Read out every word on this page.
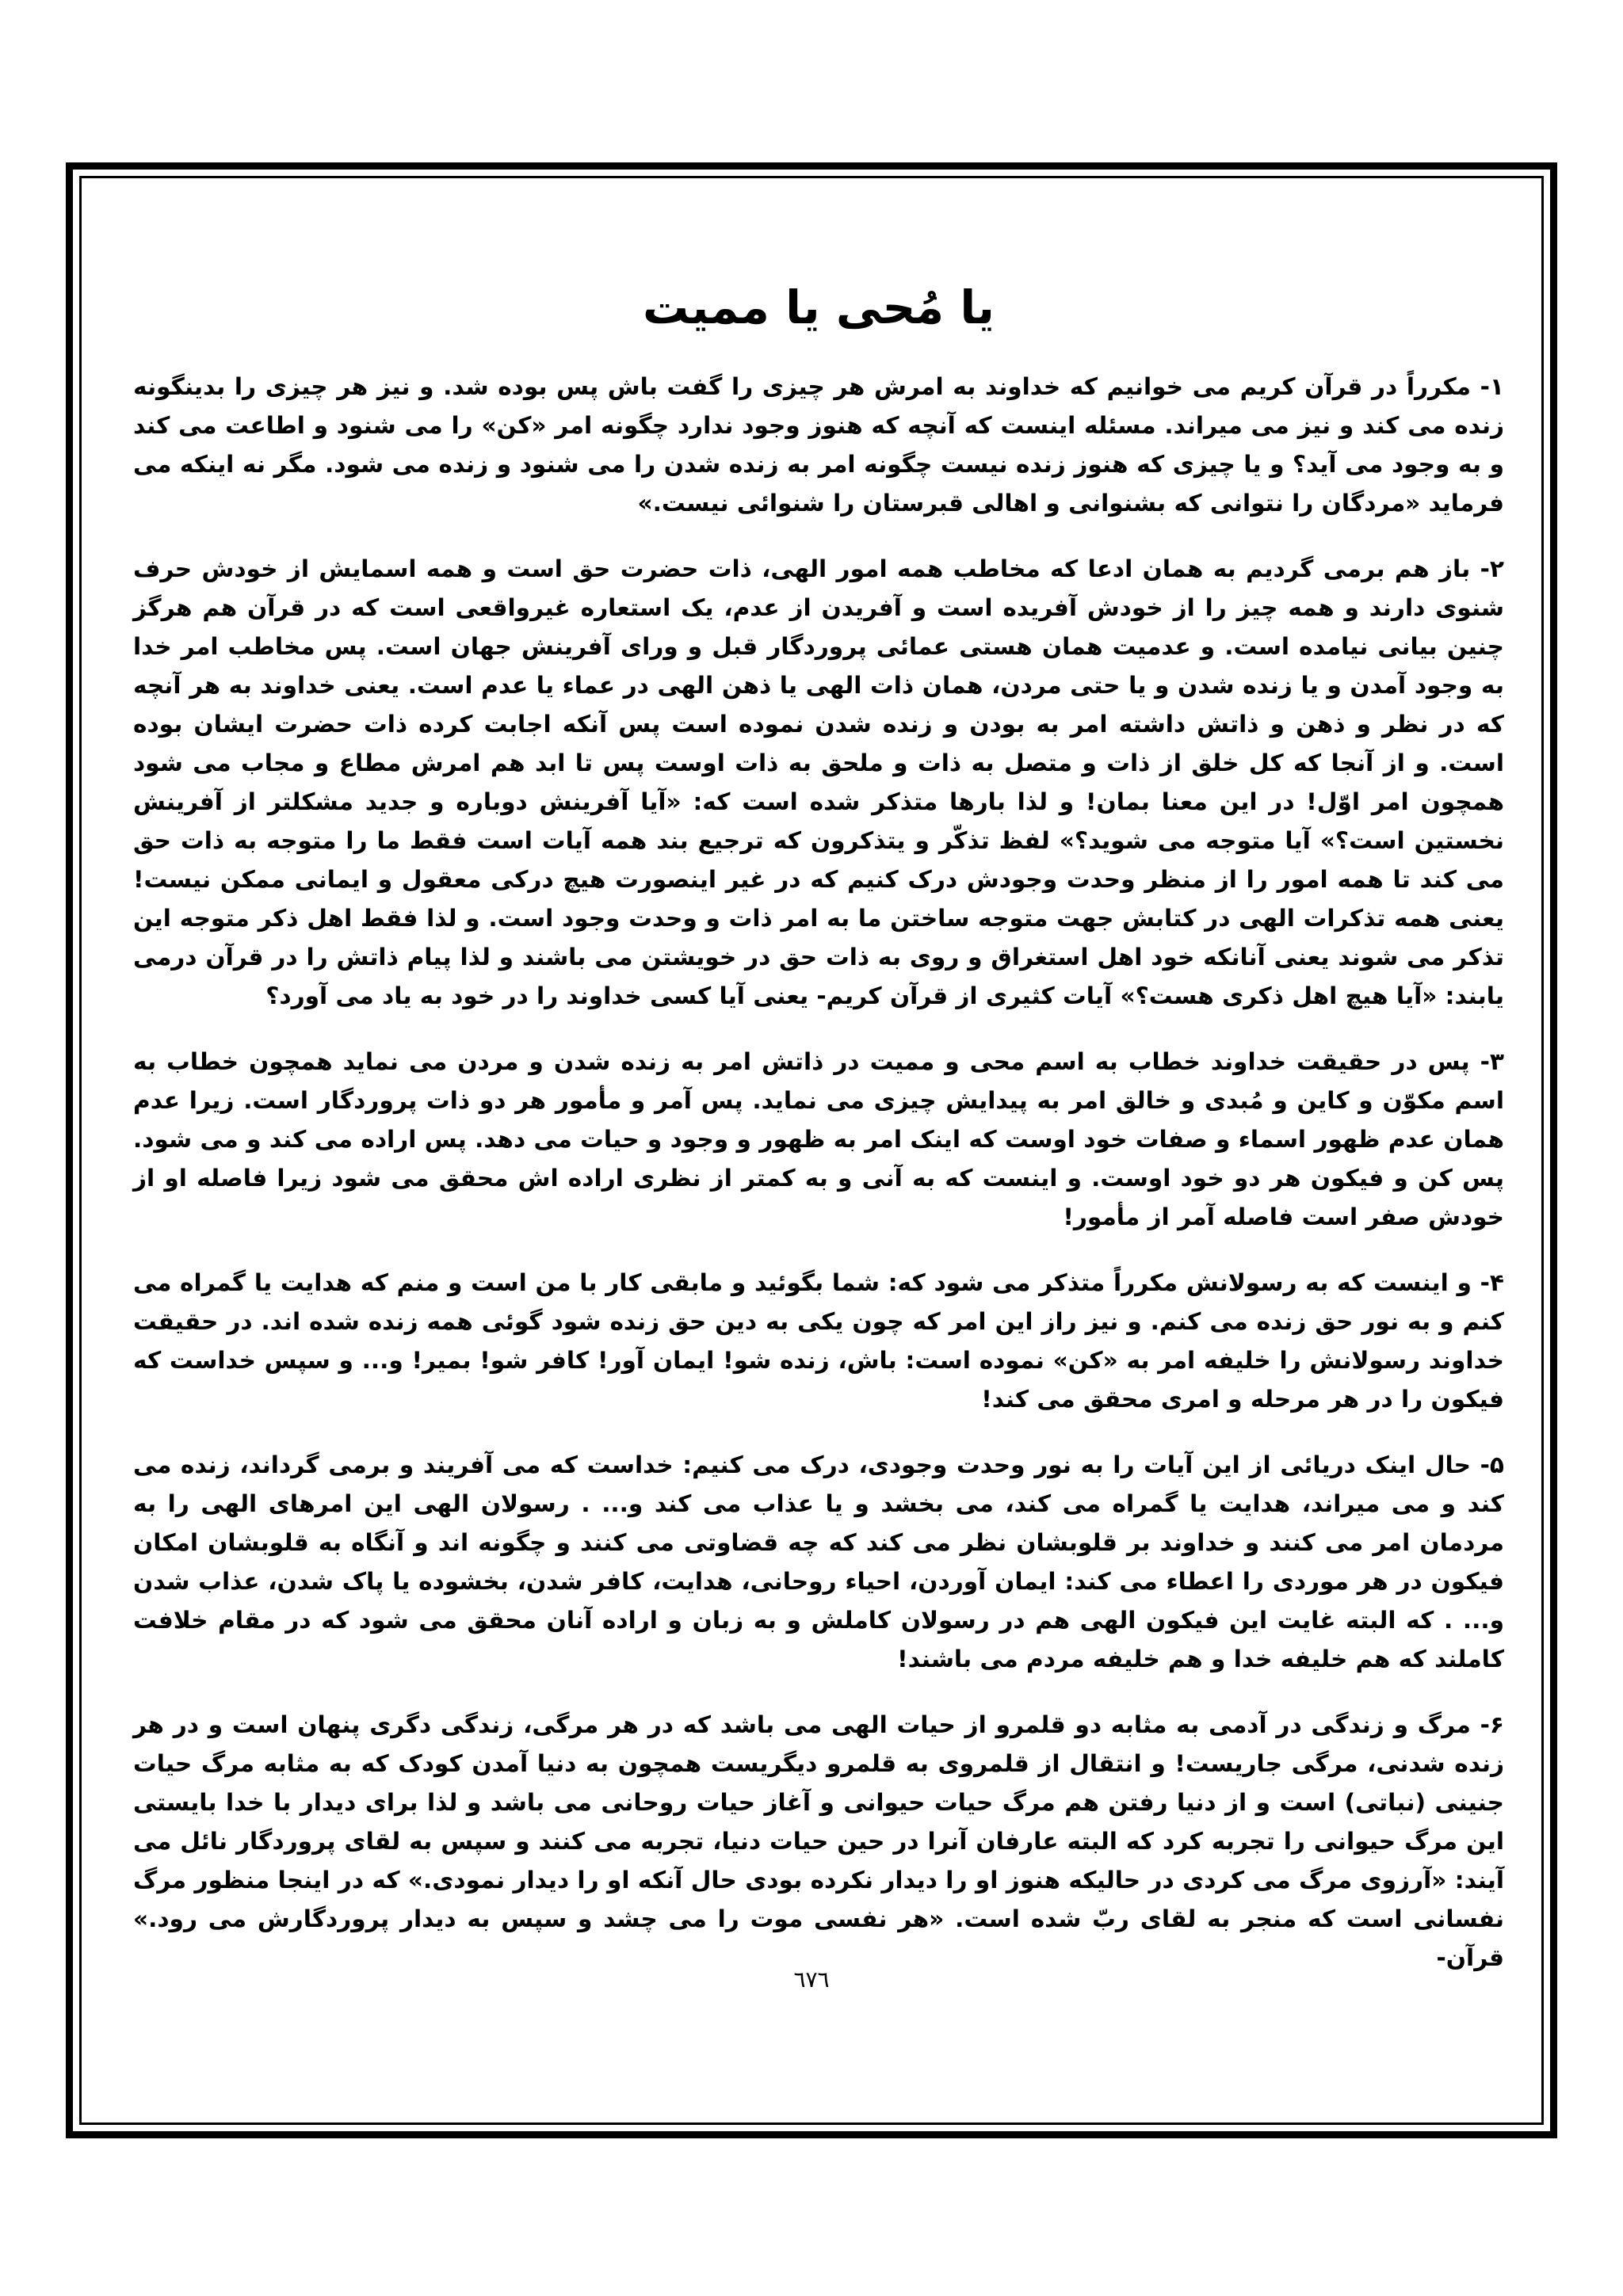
یا مُحی یا ممیت

۱- مکرراً در قرآن کریم می خوانیم که خداوند به امرش هر چیزی را گفت باش پس بوده شد. و نیز هر چیزی را بدینگونه زنده می کند و نیز می میراند. مسئله اینست که آنچه که هنوز وجود ندارد چگونه امر «کن» را می شنود و اطاعت می کند و به وجود می آید؟ و یا چیزی که هنوز زنده نیست چگونه امر به زنده شدن را می شنود و زنده می شود. مگر نه اینکه می فرماید «مردگان را نتوانی که بشنوانی و اهالی قبرستان را شنوائی نیست.»

۲- باز هم برمی گردیم به همان ادعا که مخاطب همه امور الهی، ذات حضرت حق است و همه اسمایش از خودش حرف شنوی دارند و همه چیز را از خودش آفریده است و آفریدن از عدم، یک استعاره غیرواقعی است که در قرآن هم هرگز چنین بیانی نیامده است. و عدمیت همان هستی عمائی پروردگار قبل و ورای آفرینش جهان است. پس مخاطب امر خدا به وجود آمدن و یا زنده شدن و یا حتی مردن، همان ذات الهی یا ذهن الهی در عماء یا عدم است. یعنی خداوند به هر آنچه که در نظر و ذهن و ذاتش داشته امر به بودن و زنده شدن نموده است پس آنکه اجابت کرده ذات حضرت ایشان بوده است. و از آنجا که کل خلق از ذات و متصل به ذات و ملحق به ذات اوست پس تا ابد هم امرش مطاع و مجاب می شود همچون امر اوّل! در این معنا بمان! و لذا بارها متذکر شده است که: «آیا آفرینش دوباره و جدید مشکلتر از آفرینش نخستین است؟» آیا متوجه می شوید؟» لفظ تذکّر و یتذکرون که ترجیع بند همه آیات است فقط ما را متوجه به ذات حق می کند تا همه امور را از منظر وحدت وجودش درک کنیم که در غیر اینصورت هیچ درکی معقول و ایمانی ممکن نیست! یعنی همه تذکرات الهی در کتابش جهت متوجه ساختن ما به امر ذات و وحدت وجود است. و لذا فقط اهل ذکر متوجه این تذکر می شوند یعنی آنانکه خود اهل استغراق و روی به ذات حق در خویشتن می باشند و لذا پیام ذاتش را در قرآن درمی یابند: «آیا هیچ اهل ذکری هست؟» آیات کثیری از قرآن کریم- یعنی آیا کسی خداوند را در خود به یاد می آورد؟

۳- پس در حقیقت خداوند خطاب به اسم محی و ممیت در ذاتش امر به زنده شدن و مردن می نماید همچون خطاب به اسم مکوّن و کاین و مُبدی و خالق امر به پیدایش چیزی می نماید. پس آمر و مأمور هر دو ذات پروردگار است. زیرا عدم همان عدم ظهور اسماء و صفات خود اوست که اینک امر به ظهور و وجود و حیات می دهد. پس اراده می کند و می شود. پس کن و فیکون هر دو خود اوست. و اینست که به آنی و به کمتر از نظری اراده اش محقق می شود زیرا فاصله او از خودش صفر است فاصله آمر از مأمور!

۴- و اینست که به رسولانش مکرراً متذکر می شود که: شما بگوئید و مابقی کار با من است و منم که هدایت یا گمراه می کنم و به نور حق زنده می کنم. و نیز راز این امر که چون یکی به دین حق زنده شود گوئی همه زنده شده اند. در حقیقت خداوند رسولانش را خلیفه امر به «کن» نموده است: باش، زنده شو! ایمان آور! کافر شو! بمیر! و... و سپس خداست که فیکون را در هر مرحله و امری محقق می کند!

۵- حال اینک دریائی از این آیات را به نور وحدت وجودی، درک می کنیم: خداست که می آفریند و برمی گرداند، زنده می کند و می میراند، هدایت یا گمراه می کند، می بخشد و یا عذاب می کند و... . رسولان الهی این امرهای الهی را به مردمان امر می کنند و خداوند بر قلوبشان نظر می کند که چه قضاوتی می کنند و چگونه اند و آنگاه به قلوبشان امکان فیکون در هر موردی را اعطاء می کند: ایمان آوردن، احیاء روحانی، هدایت، کافر شدن، بخشوده یا پاک شدن، عذاب شدن و... . که البته غایت این فیکون الهی هم در رسولان کاملش و به زبان و اراده آنان محقق می شود که در مقام خلافت کاملند که هم خلیفه خدا و هم خلیفه مردم می باشند!

۶- مرگ و زندگی در آدمی به مثابه دو قلمرو از حیات الهی می باشد که در هر مرگی، زندگی دگری پنهان است و در هر زنده شدنی، مرگی جاریست! و انتقال از قلمروی به قلمرو دیگریست همچون به دنیا آمدن کودک که به مثابه مرگ حیات جنینی (نباتی) است و از دنیا رفتن هم مرگ حیات حیوانی و آغاز حیات روحانی می باشد و لذا برای دیدار با خدا بایستی این مرگ حیوانی را تجربه کرد که البته عارفان آنرا در حین حیات دنیا، تجربه می کنند و سپس به لقای پروردگار نائل می آیند: «آرزوی مرگ می کردی در حالیکه هنوز او را دیدار نکرده بودی حال آنکه او را دیدار نمودی.» که در اینجا منظور مرگ نفسانی است که منجر به لقای ربّ شده است. «هر نفسی موت را می چشد و سپس به دیدار پروردگارش می رود.» قرآن-

٦٧٦
